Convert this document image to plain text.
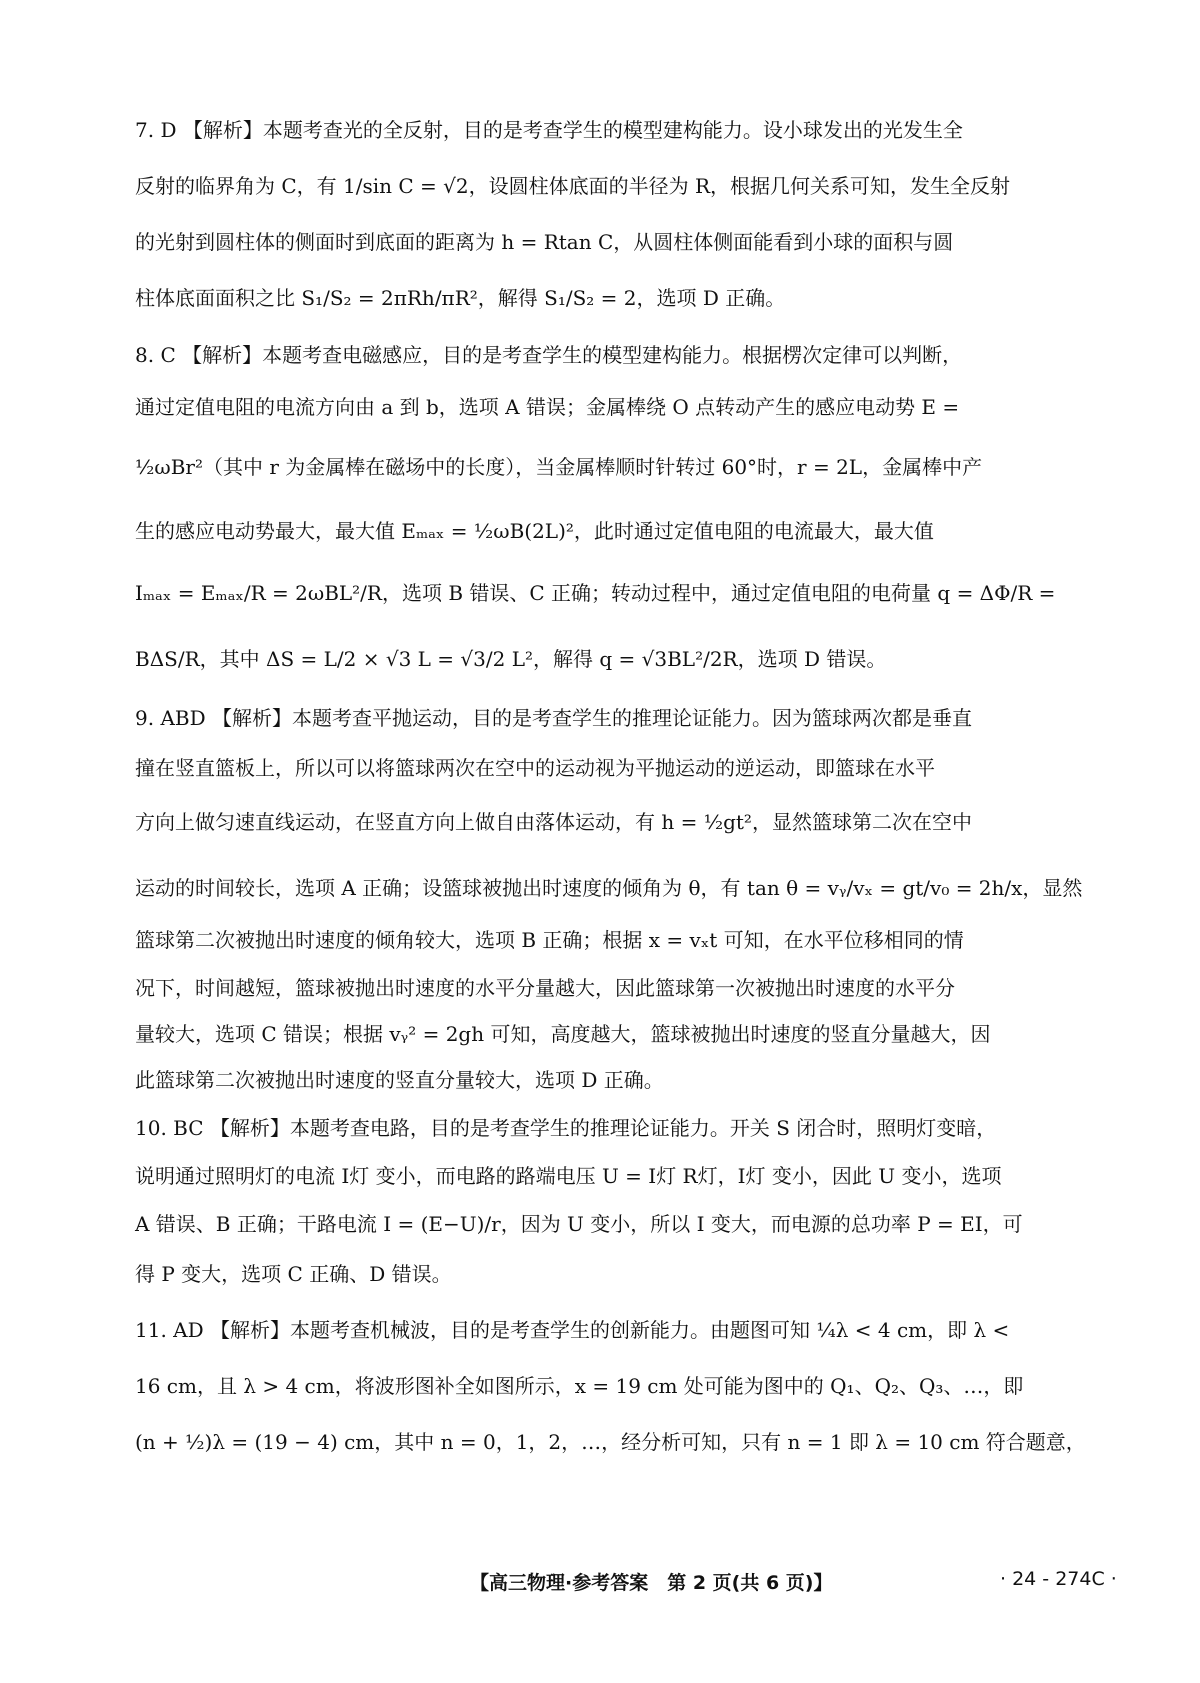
7. D 【解析】本题考查光的全反射，目的是考查学生的模型建构能力。设小球发出的光发生全
反射的临界角为 C，有 1/sin C = √2，设圆柱体底面的半径为 R，根据几何关系可知，发生全反射
的光射到圆柱体的侧面时到底面的距离为 h = Rtan C，从圆柱体侧面能看到小球的面积与圆
柱体底面面积之比 S₁/S₂ = 2πRh/πR²，解得 S₁/S₂ = 2，选项 D 正确。
8. C 【解析】本题考查电磁感应，目的是考查学生的模型建构能力。根据楞次定律可以判断，
通过定值电阻的电流方向由 a 到 b，选项 A 错误；金属棒绕 O 点转动产生的感应电动势 E =
½ωBr²（其中 r 为金属棒在磁场中的长度），当金属棒顺时针转过 60°时，r = 2L，金属棒中产
生的感应电动势最大，最大值 Eₘₐₓ = ½ωB(2L)²，此时通过定值电阻的电流最大，最大值
Iₘₐₓ = Eₘₐₓ/R = 2ωBL²/R，选项 B 错误、C 正确；转动过程中，通过定值电阻的电荷量 q = ΔΦ/R =
BΔS/R，其中 ΔS = L/2 × √3 L = √3/2 L²，解得 q = √3BL²/2R，选项 D 错误。
9. ABD 【解析】本题考查平抛运动，目的是考查学生的推理论证能力。因为篮球两次都是垂直
撞在竖直篮板上，所以可以将篮球两次在空中的运动视为平抛运动的逆运动，即篮球在水平
方向上做匀速直线运动，在竖直方向上做自由落体运动，有 h = ½gt²，显然篮球第二次在空中
运动的时间较长，选项 A 正确；设篮球被抛出时速度的倾角为 θ，有 tan θ = vᵧ/vₓ = gt/v₀ = 2h/x，显然
篮球第二次被抛出时速度的倾角较大，选项 B 正确；根据 x = vₓt 可知，在水平位移相同的情
况下，时间越短，篮球被抛出时速度的水平分量越大，因此篮球第一次被抛出时速度的水平分
量较大，选项 C 错误；根据 vᵧ² = 2gh 可知，高度越大，篮球被抛出时速度的竖直分量越大，因
此篮球第二次被抛出时速度的竖直分量较大，选项 D 正确。
10. BC 【解析】本题考查电路，目的是考查学生的推理论证能力。开关 S 闭合时，照明灯变暗，
说明通过照明灯的电流 I灯 变小，而电路的路端电压 U = I灯 R灯，I灯 变小，因此 U 变小，选项
A 错误、B 正确；干路电流 I = (E−U)/r，因为 U 变小，所以 I 变大，而电源的总功率 P = EI，可
得 P 变大，选项 C 正确、D 错误。
11. AD 【解析】本题考查机械波，目的是考查学生的创新能力。由题图可知 ¼λ < 4 cm，即 λ <
16 cm，且 λ > 4 cm，将波形图补全如图所示，x = 19 cm 处可能为图中的 Q₁、Q₂、Q₃、…，即
(n + ½)λ = (19 − 4) cm，其中 n = 0，1，2，…，经分析可知，只有 n = 1 即 λ = 10 cm 符合题意，
【高三物理·参考答案　第 2 页(共 6 页)】	· 24 - 274C ·
